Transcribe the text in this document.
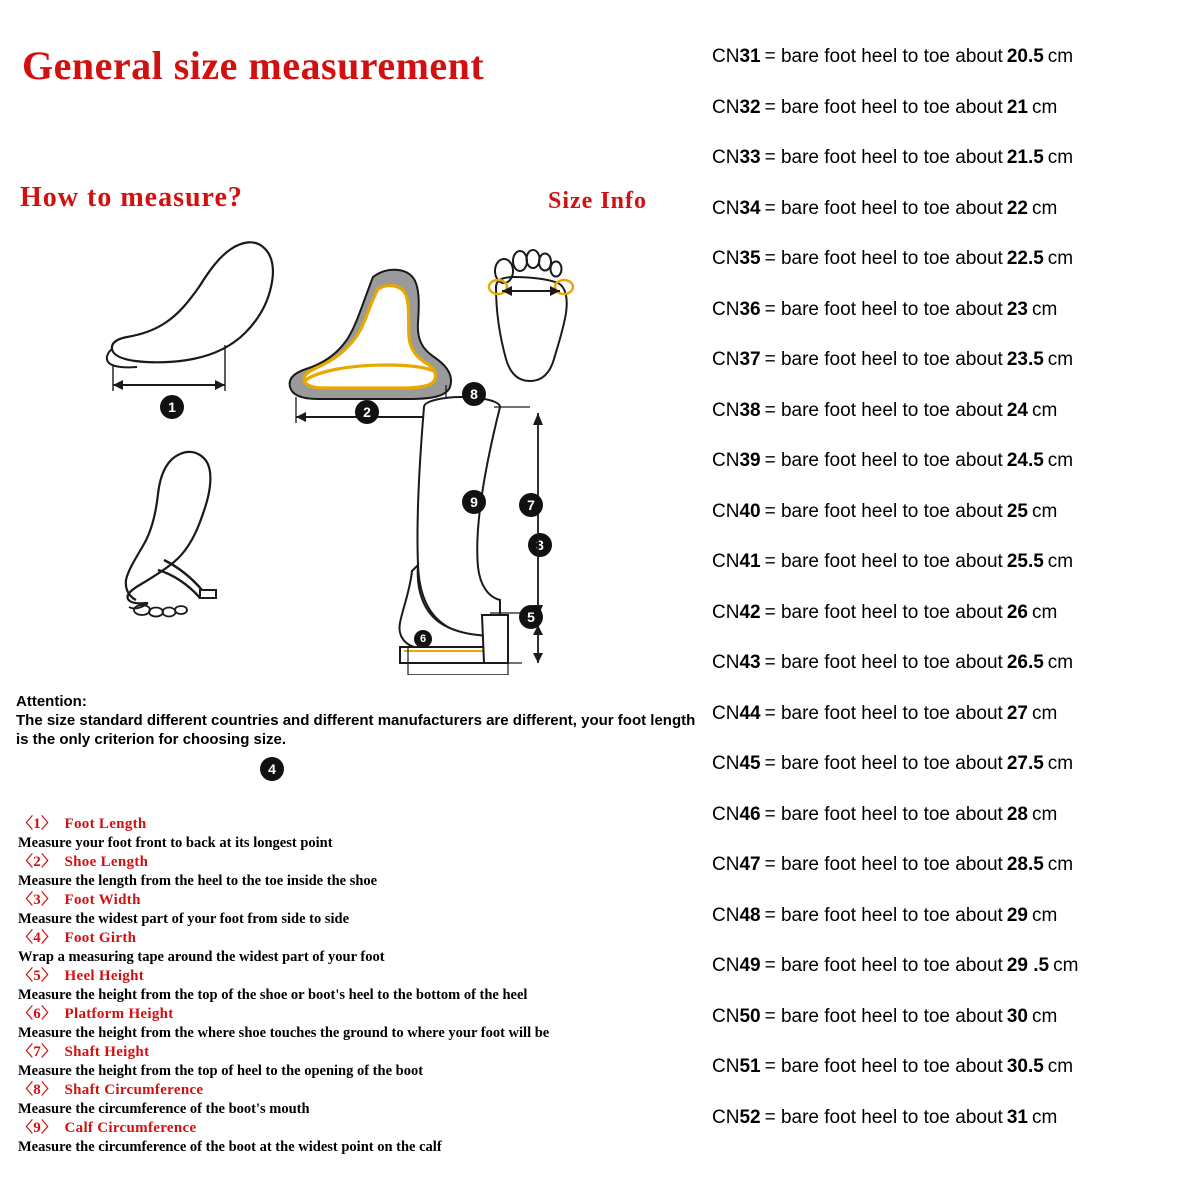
General size measurement
How to measure?	Size Info
1	2
3
4
8
9	7
5
6
Attention:
The size standard different countries and different manufacturers are different, your foot length is the only criterion for choosing size.
〈1〉 Foot Length
Measure your foot front to back at its longest point
〈2〉 Shoe Length
Measure the length from the heel to the toe inside the shoe
〈3〉 Foot Width
Measure the widest part of your foot from side to side
〈4〉 Foot Girth
Wrap a measuring tape around the widest part of your foot
〈5〉 Heel Height
Measure the height from the top of the shoe or boot's heel to the bottom of the heel
〈6〉 Platform Height
Measure the height from the where shoe touches the ground to where your foot will be
〈7〉 Shaft Height
Measure the height from the top of heel to the opening of the boot
〈8〉 Shaft Circumference
Measure the circumference of the boot's mouth
〈9〉 Calf Circumference
Measure the circumference of the boot at the widest point on the calf
CN31 = bare foot heel to toe about 20.5 cm
CN32 = bare foot heel to toe about 21 cm
CN33 = bare foot heel to toe about 21.5 cm
CN34 = bare foot heel to toe about 22 cm
CN35 = bare foot heel to toe about 22.5 cm
CN36 = bare foot heel to toe about 23 cm
CN37 = bare foot heel to toe about 23.5 cm
CN38 = bare foot heel to toe about 24 cm
CN39 = bare foot heel to toe about 24.5 cm
CN40 = bare foot heel to toe about 25 cm
CN41 = bare foot heel to toe about 25.5 cm
CN42 = bare foot heel to toe about 26 cm
CN43 = bare foot heel to toe about 26.5 cm
CN44 = bare foot heel to toe about 27 cm
CN45 = bare foot heel to toe about 27.5 cm
CN46 = bare foot heel to toe about 28 cm
CN47 = bare foot heel to toe about 28.5 cm
CN48 = bare foot heel to toe about 29 cm
CN49 = bare foot heel to toe about 29 .5 cm
CN50 = bare foot heel to toe about 30 cm
CN51 = bare foot heel to toe about 30.5 cm
CN52 = bare foot heel to toe about 31 cm
